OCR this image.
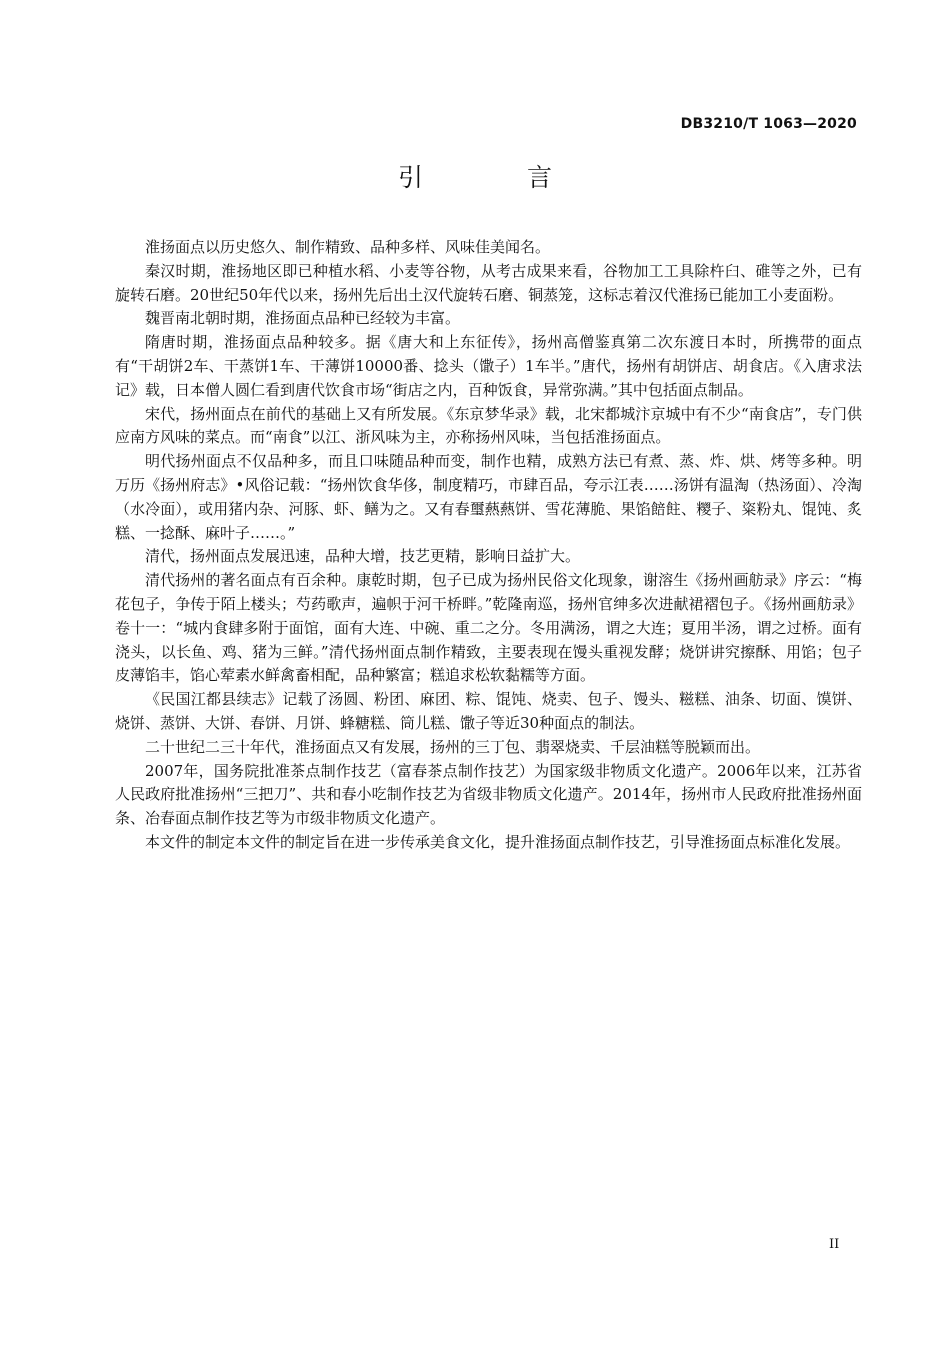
DB3210/T 1063—2020
引 言

淮扬面点以历史悠久、制作精致、品种多样、风味佳美闻名。

秦汉时期，淮扬地区即已种植水稻、小麦等谷物，从考古成果来看，谷物加工工具除杵臼、碓等之外，已有旋转石磨。20世纪50年代以来，扬州先后出土汉代旋转石磨、铜蒸笼，这标志着汉代淮扬已能加工小麦面粉。

魏晋南北朝时期，淮扬面点品种已经较为丰富。

隋唐时期，淮扬面点品种较多。据《唐大和上东征传》，扬州高僧鉴真第二次东渡日本时，所携带的面点有“干胡饼2车、干蒸饼1车、干薄饼10000番、捻头（馓子）1车半。”唐代，扬州有胡饼店、胡食店。《入唐求法记》载，日本僧人圆仁看到唐代饮食市场“街店之内，百种饭食，异常弥满。”其中包括面点制品。

宋代，扬州面点在前代的基础上又有所发展。《东京梦华录》载，北宋都城汴京城中有不少“南食店”，专门供应南方风味的菜点。而“南食”以江、浙风味为主，亦称扬州风味，当包括淮扬面点。

明代扬州面点不仅品种多，而且口味随品种而变，制作也精，成熟方法已有煮、蒸、炸、烘、烤等多种。明万历《扬州府志》•风俗记载：“扬州饮食华侈，制度精巧，市肆百品，夸示江表……汤饼有温淘（热汤面）、冷淘（水冷面），或用猪内杂、河豚、虾、鳝为之。又有春璽爇爇饼、雪花薄脆、果馅餢飳、糭子、粢粉丸、馄饨、炙糕、一捻酥、麻叶子……。”

清代，扬州面点发展迅速，品种大增，技艺更精，影响日益扩大。

清代扬州的著名面点有百余种。康乾时期，包子已成为扬州民俗文化现象，谢溶生《扬州画舫录》序云：“梅花包子，争传于陌上楼头；芍药歌声，遍帜于河干桥畔。”乾隆南巡，扬州官绅多次进献裙褶包子。《扬州画舫录》卷十一：“城内食肆多附于面馆，面有大连、中碗、重二之分。冬用满汤，谓之大连；夏用半汤，谓之过桥。面有浇头，以长鱼、鸡、猪为三鲜。”清代扬州面点制作精致，主要表现在馒头重视发酵；烧饼讲究擦酥、用馅；包子皮薄馅丰，馅心荤素水鲜禽畜相配，品种繁富；糕追求松软黏糯等方面。

《民国江都县续志》记载了汤圆、粉团、麻团、粽、馄饨、烧卖、包子、馒头、糍糕、油条、切面、馍饼、烧饼、蒸饼、大饼、春饼、月饼、蜂糖糕、筒儿糕、馓子等近30种面点的制法。

二十世纪二三十年代，淮扬面点又有发展，扬州的三丁包、翡翠烧卖、千层油糕等脱颖而出。

2007年，国务院批准茶点制作技艺（富春茶点制作技艺）为国家级非物质文化遗产。2006年以来，江苏省人民政府批准扬州“三把刀”、共和春小吃制作技艺为省级非物质文化遗产。2014年，扬州市人民政府批准扬州面条、冶春面点制作技艺等为市级非物质文化遗产。

本文件的制定本文件的制定旨在进一步传承美食文化，提升淮扬面点制作技艺，引导淮扬面点标准化发展。

II
